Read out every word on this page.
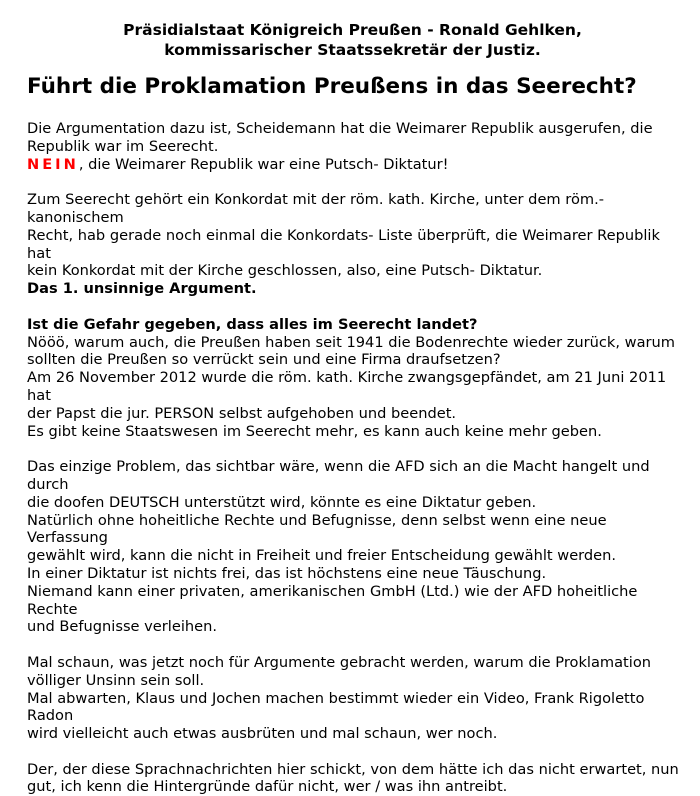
Präsidialstaat Königreich Preußen - Ronald Gehlken,
kommissarischer Staatssekretär der Justiz.
Führt die Proklamation Preußens in das Seerecht?

Die Argumentation dazu ist, Scheidemann hat die Weimarer Republik ausgerufen, die
Republik war im Seerecht.
NEIN, die Weimarer Republik war eine Putsch- Diktatur!

Zum Seerecht gehört ein Konkordat mit der röm. kath. Kirche, unter dem röm.- kanonischem
Recht, hab gerade noch einmal die Konkordats- Liste überprüft, die Weimarer Republik hat
kein Konkordat mit der Kirche geschlossen, also, eine Putsch- Diktatur.
Das 1. unsinnige Argument.

Ist die Gefahr gegeben, dass alles im Seerecht landet?
Nööö, warum auch, die Preußen haben seit 1941 die Bodenrechte wieder zurück, warum
sollten die Preußen so verrückt sein und eine Firma draufsetzen?
Am 26 November 2012 wurde die röm. kath. Kirche zwangsgepfändet, am 21 Juni 2011 hat
der Papst die jur. PERSON selbst aufgehoben und beendet.
Es gibt keine Staatswesen im Seerecht mehr, es kann auch keine mehr geben.

Das einzige Problem, das sichtbar wäre, wenn die AFD sich an die Macht hangelt und durch
die doofen DEUTSCH unterstützt wird, könnte es eine Diktatur geben.
Natürlich ohne hoheitliche Rechte und Befugnisse, denn selbst wenn eine neue Verfassung
gewählt wird, kann die nicht in Freiheit und freier Entscheidung gewählt werden.
In einer Diktatur ist nichts frei, das ist höchstens eine neue Täuschung.
Niemand kann einer privaten, amerikanischen GmbH (Ltd.) wie der AFD hoheitliche Rechte
und Befugnisse verleihen.

Mal schaun, was jetzt noch für Argumente gebracht werden, warum die Proklamation
völliger Unsinn sein soll.
Mal abwarten, Klaus und Jochen machen bestimmt wieder ein Video, Frank Rigoletto Radon
wird vielleicht auch etwas ausbrüten und mal schaun, wer noch.

Der, der diese Sprachnachrichten hier schickt, von dem hätte ich das nicht erwartet, nun
gut, ich kenn die Hintergründe dafür nicht, wer / was ihn antreibt.
